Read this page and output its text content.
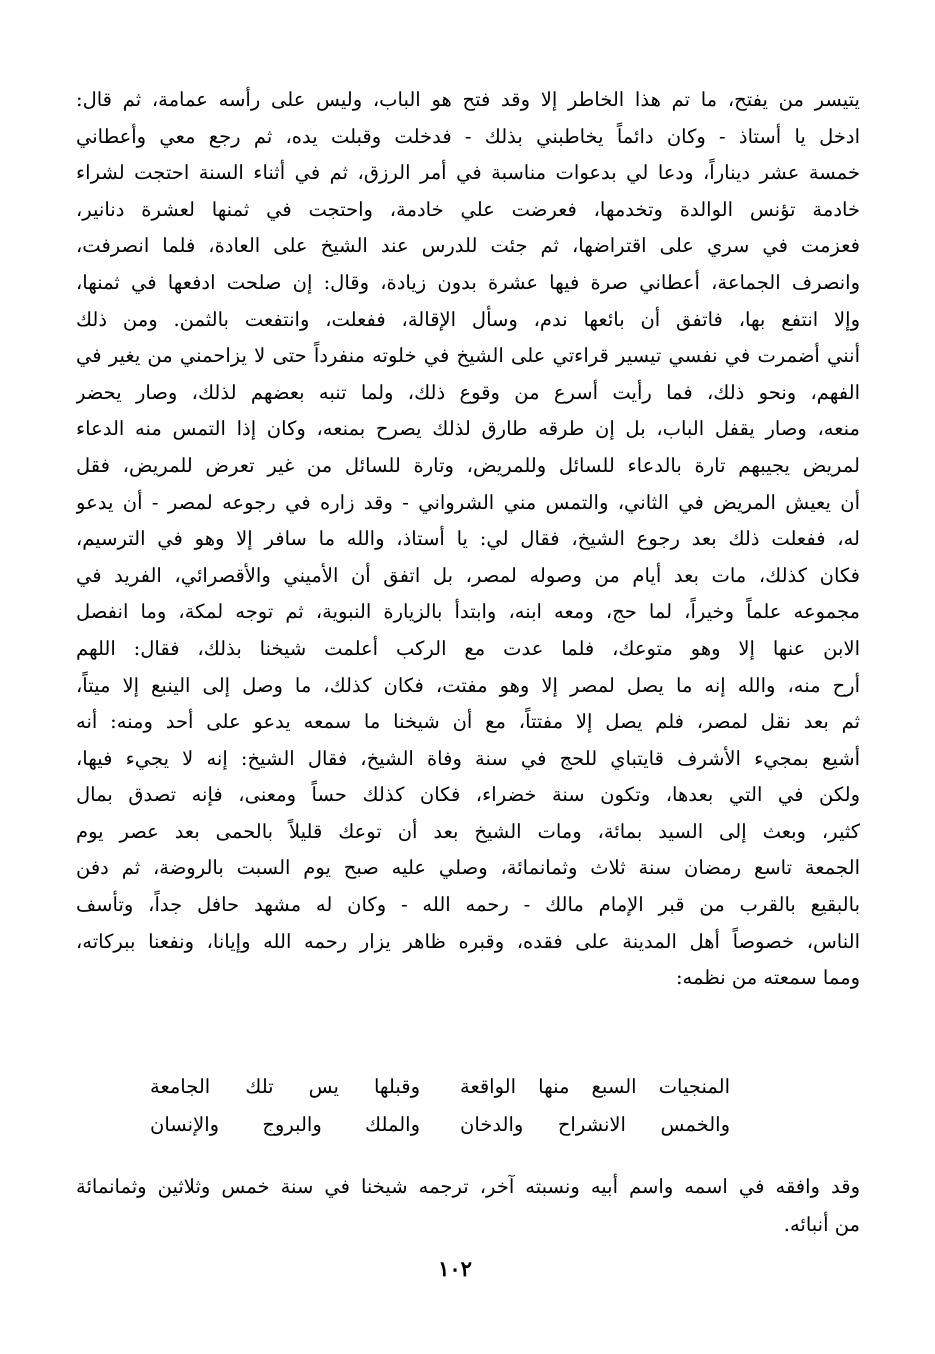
يتيسر من يفتح، ما تم هذا الخاطر إلا وقد فتح هو الباب، وليس على رأسه عمامة، ثم قال:
ادخل يا أستاذ - وكان دائماً يخاطبني بذلك - فدخلت وقبلت يده، ثم رجع معي وأعطاني
خمسة عشر ديناراً، ودعا لي بدعوات مناسبة في أمر الرزق، ثم في أثناء السنة احتجت لشراء
خادمة تؤنس الوالدة وتخدمها، فعرضت علي خادمة، واحتجت في ثمنها لعشرة دنانير،
فعزمت في سري على اقتراضها، ثم جئت للدرس عند الشيخ على العادة، فلما انصرفت،
وانصرف الجماعة، أعطاني صرة فيها عشرة بدون زيادة، وقال: إن صلحت ادفعها في ثمنها،
وإلا انتفع بها، فاتفق أن بائعها ندم، وسأل الإقالة، ففعلت، وانتفعت بالثمن. ومن ذلك
أنني أضمرت في نفسي تيسير قراءتي على الشيخ في خلوته منفرداً حتى لا يزاحمني من يغير في
الفهم، ونحو ذلك، فما رأيت أسرع من وقوع ذلك، ولما تنبه بعضهم لذلك، وصار يحضر
منعه، وصار يقفل الباب، بل إن طرقه طارق لذلك يصرح بمنعه، وكان إذا التمس منه الدعاء
لمريض يجيبهم تارة بالدعاء للسائل وللمريض، وتارة للسائل من غير تعرض للمريض، فقل
أن يعيش المريض في الثاني، والتمس مني الشرواني - وقد زاره في رجوعه لمصر - أن يدعو
له، ففعلت ذلك بعد رجوع الشيخ، فقال لي: يا أستاذ، والله ما سافر إلا وهو في الترسيم،
فكان كذلك، مات بعد أيام من وصوله لمصر، بل اتفق أن الأميني والأقصرائي، الفريد في
مجموعه علماً وخيراً، لما حج، ومعه ابنه، وابتدأ بالزيارة النبوية، ثم توجه لمكة، وما انفصل
الابن عنها إلا وهو متوعك، فلما عدت مع الركب أعلمت شيخنا بذلك، فقال: اللهم
أرح منه، والله إنه ما يصل لمصر إلا وهو مفتت، فكان كذلك، ما وصل إلى الينبع إلا ميتاً،
ثم بعد نقل لمصر، فلم يصل إلا مفتتاً، مع أن شيخنا ما سمعه يدعو على أحد ومنه: أنه
أشيع بمجيء الأشرف قايتباي للحج في سنة وفاة الشيخ، فقال الشيخ: إنه لا يجيء فيها،
ولكن في التي بعدها، وتكون سنة خضراء، فكان كذلك حساً ومعنى، فإنه تصدق بمال
كثير، وبعث إلى السيد بمائة، ومات الشيخ بعد أن توعك قليلاً بالحمى بعد عصر يوم
الجمعة تاسع رمضان سنة ثلاث وثمانمائة، وصلي عليه صبح يوم السبت بالروضة، ثم دفن
بالبقيع بالقرب من قبر الإمام مالك - رحمه الله - وكان له مشهد حافل جداً، وتأسف
الناس، خصوصاً أهل المدينة على فقده، وقبره ظاهر يزار رحمه الله وإيانا، ونفعنا ببركاته،
ومما سمعته من نظمه:
المنجيات السبع منها الواقعة
وقبلها يس تلك الجامعة
والخمس الانشراح والدخان
والملك والبروج والإنسان
وقد وافقه في اسمه واسم أبيه ونسبته آخر، ترجمه شيخنا في سنة خمس وثلاثين وثمانمائة
من أنبائه.
١٠٢
